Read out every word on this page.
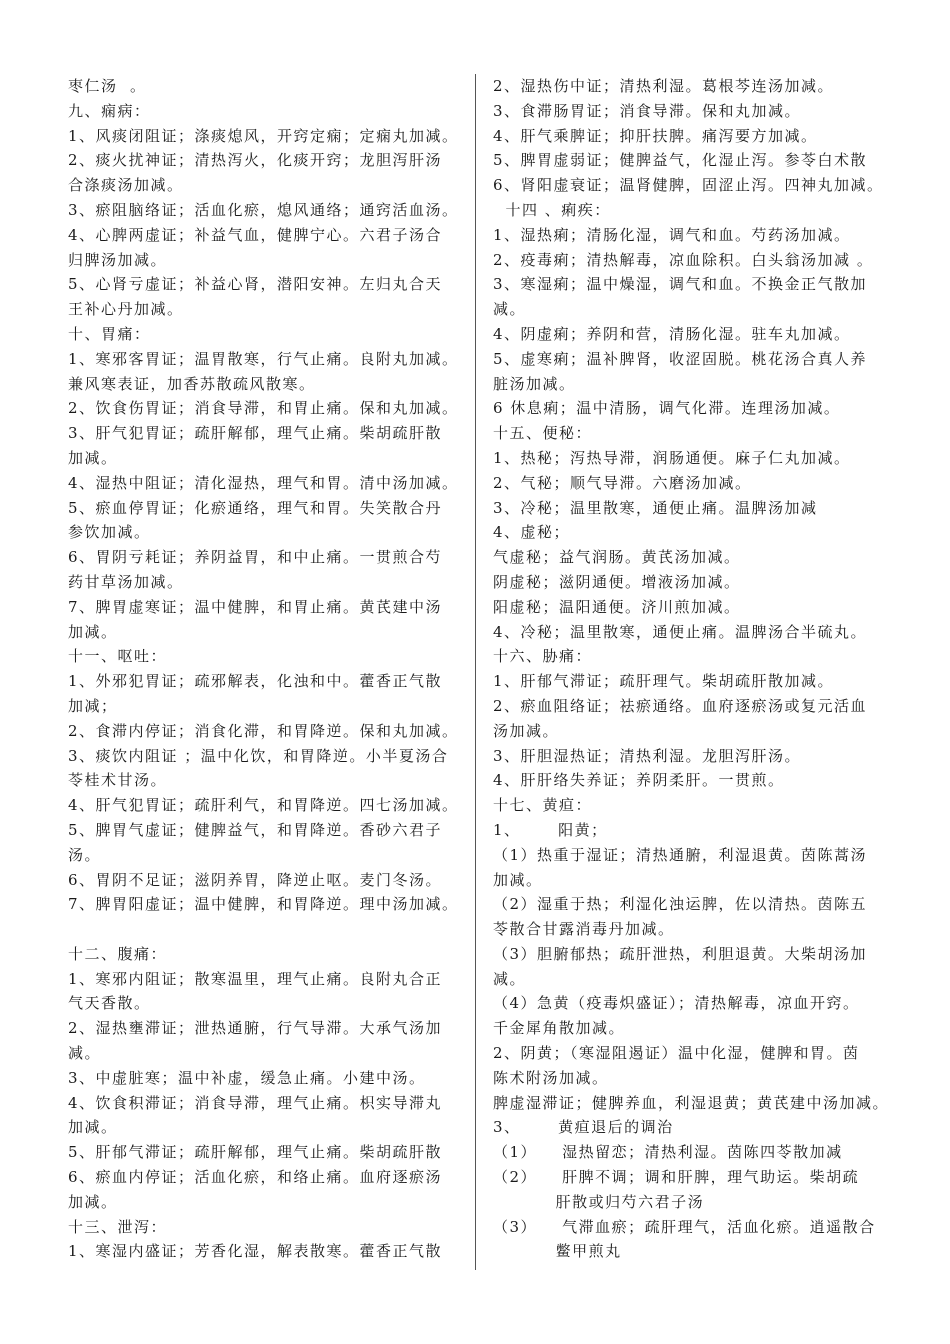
枣仁汤  。
九、痫病：
1、风痰闭阻证；涤痰熄风，开窍定痫；定痫丸加减。
2、痰火扰神证；清热泻火，化痰开窍；龙胆泻肝汤
合涤痰汤加减。
3、瘀阻脑络证；活血化瘀，熄风通络；通窍活血汤。
4、心脾两虚证；补益气血，健脾宁心。六君子汤合
归脾汤加减。
5、心肾亏虚证；补益心肾，潜阳安神。左归丸合天
王补心丹加减。
十、胃痛：
1、寒邪客胃证；温胃散寒，行气止痛。良附丸加减。
兼风寒表证，加香苏散疏风散寒。
2、饮食伤胃证；消食导滞，和胃止痛。保和丸加减。
3、肝气犯胃证；疏肝解郁，理气止痛。柴胡疏肝散
加减。
4、湿热中阻证；清化湿热，理气和胃。清中汤加减。
5、瘀血停胃证；化瘀通络，理气和胃。失笑散合丹
参饮加减。
6、胃阴亏耗证；养阴益胃，和中止痛。一贯煎合芍
药甘草汤加减。
7、脾胃虚寒证；温中健脾，和胃止痛。黄芪建中汤
加减。
十一、呕吐：
1、外邪犯胃证；疏邪解表，化浊和中。藿香正气散
加减；
2、食滞内停证；消食化滞，和胃降逆。保和丸加减。
3、痰饮内阻证 ；温中化饮，和胃降逆。小半夏汤合
苓桂术甘汤。
4、肝气犯胃证；疏肝利气，和胃降逆。四七汤加减。
5、脾胃气虚证；健脾益气，和胃降逆。香砂六君子
汤。
6、胃阴不足证；滋阴养胃，降逆止呕。麦门冬汤。
7、脾胃阳虚证；温中健脾，和胃降逆。理中汤加减。
十二、腹痛：
1、寒邪内阻证；散寒温里，理气止痛。良附丸合正
气天香散。
2、湿热壅滞证；泄热通腑，行气导滞。大承气汤加
减。
3、中虚脏寒；温中补虚，缓急止痛。小建中汤。
4、饮食积滞证；消食导滞，理气止痛。枳实导滞丸
加减。
5、肝郁气滞证；疏肝解郁，理气止痛。柴胡疏肝散
6、瘀血内停证；活血化瘀，和络止痛。血府逐瘀汤
加减。
十三、泄泻：
1、寒湿内盛证；芳香化湿，解表散寒。藿香正气散
2、湿热伤中证；清热利湿。葛根芩连汤加减。
3、食滞肠胃证；消食导滞。保和丸加减。
4、肝气乘脾证；抑肝扶脾。痛泻要方加减。
5、脾胃虚弱证；健脾益气，化湿止泻。参苓白术散
6、肾阳虚衰证；温肾健脾，固涩止泻。四神丸加减。
十四 、痢疾：
1、湿热痢；清肠化湿，调气和血。芍药汤加减。
2、疫毒痢；清热解毒，凉血除积。白头翁汤加减 。
3、寒湿痢；温中燥湿，调气和血。不换金正气散加
减。
4、阴虚痢；养阴和营，清肠化湿。驻车丸加减。
5、虚寒痢；温补脾肾，收涩固脱。桃花汤合真人养
脏汤加减。
6 休息痢；温中清肠，调气化滞。连理汤加减。
十五、便秘：
1、热秘；泻热导滞，润肠通便。麻子仁丸加减。
2、气秘；顺气导滞。六磨汤加减。
3、冷秘；温里散寒，通便止痛。温脾汤加减
4、虚秘；
气虚秘；益气润肠。黄芪汤加减。
阴虚秘；滋阴通便。增液汤加减。
阳虚秘；温阳通便。济川煎加减。
4、冷秘；温里散寒，通便止痛。温脾汤合半硫丸。
十六、胁痛：
1、肝郁气滞证；疏肝理气。柴胡疏肝散加减。
2、瘀血阻络证；祛瘀通络。血府逐瘀汤或复元活血
汤加减。
3、肝胆湿热证；清热利湿。龙胆泻肝汤。
4、肝肝络失养证；养阴柔肝。一贯煎。
十七、黄疸：
1、      阳黄；
（1）热重于湿证；清热通腑，利湿退黄。茵陈蒿汤
加减。
（2）湿重于热；利湿化浊运脾，佐以清热。茵陈五
苓散合甘露消毒丹加减。
（3）胆腑郁热；疏肝泄热，利胆退黄。大柴胡汤加
减。
（4）急黄（疫毒炽盛证）；清热解毒，凉血开窍。
千金犀角散加减。
2、阴黄；（寒湿阻遏证）温中化湿，健脾和胃。茵
陈术附汤加减。
脾虚湿滞证；健脾养血，利湿退黄；黄芪建中汤加减。
3、      黄疸退后的调治
（1）    湿热留恋；清热利湿。茵陈四苓散加减
（2）    肝脾不调；调和肝脾，理气助运。柴胡疏
肝散或归芍六君子汤
（3）    气滞血瘀；疏肝理气，活血化瘀。逍遥散合
鳖甲煎丸
